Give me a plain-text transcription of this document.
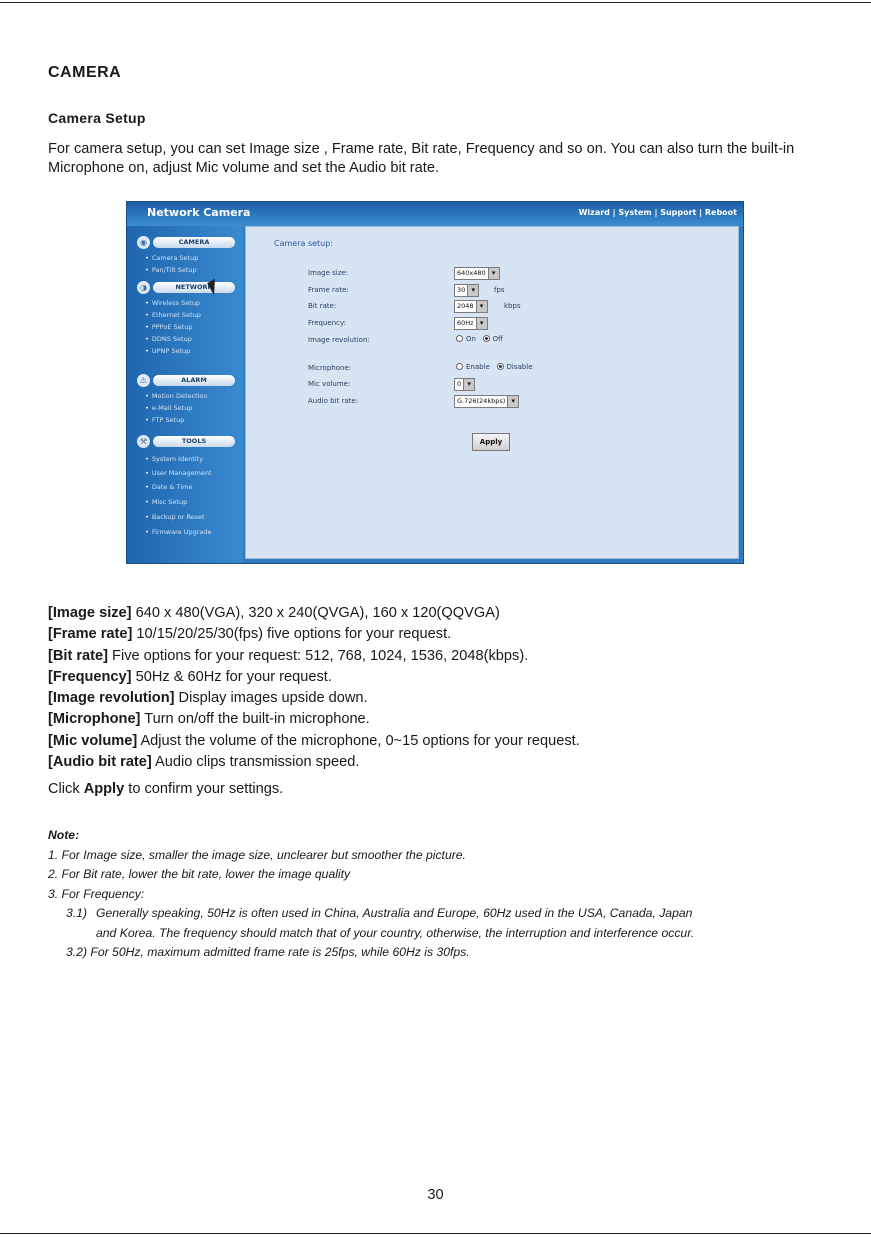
CAMERA
Camera Setup
For camera setup, you can set Image size , Frame rate, Bit rate, Frequency and so on. You can also turn the built-in Microphone on, adjust Mic volume and set the Audio bit rate.
Network Camera	Wizard | System | Support | Reboot
◉	CAMERA
• Camera Setup
• Pan/Tilt Setup
◑	NETWORK
• Wireless Setup
• Ethernet Setup
• PPPoE Setup
• DDNS Setup
• UPNP Setup
⚠	ALARM
• Motion Detection
• e-Mail Setup
• FTP Setup
⚒	TOOLS
• System Identity
• User Management
• Date & Time
• Misc Setup
• Backup or Reset
• Firmware Upgrade
Camera setup:
Image size:	640x480 ▾
Frame rate:	30 ▾	fps
Bit rate:	2048 ▾	kbps
Frequency:	60Hz ▾
Image revolution:	On Off
Microphone:	Enable Disable
Mic volume:	0 ▾
Audio bit rate:	G.726(24kbps) ▾
Apply
[Image size] 640 x 480(VGA), 320 x 240(QVGA), 160 x 120(QQVGA)
[Frame rate] 10/15/20/25/30(fps) five options for your request.
[Bit rate] Five options for your request: 512, 768, 1024, 1536, 2048(kbps).
[Frequency] 50Hz & 60Hz for your request.
[Image revolution] Display images upside down.
[Microphone] Turn on/off the built-in microphone.
[Mic volume] Adjust the volume of the microphone, 0~15 options for your request.
[Audio bit rate] Audio clips transmission speed.
Click Apply to confirm your settings.
Note:
1. For Image size, smaller the image size, unclearer but smoother the picture.
2. For Bit rate, lower the bit rate, lower the image quality
3. For Frequency:
3.1) Generally speaking, 50Hz is often used in China, Australia and Europe, 60Hz used in the USA, Canada, Japan
and Korea. The frequency should match that of your country, otherwise, the interruption and interference occur.
3.2) For 50Hz, maximum admitted frame rate is 25fps, while 60Hz is 30fps.
30
